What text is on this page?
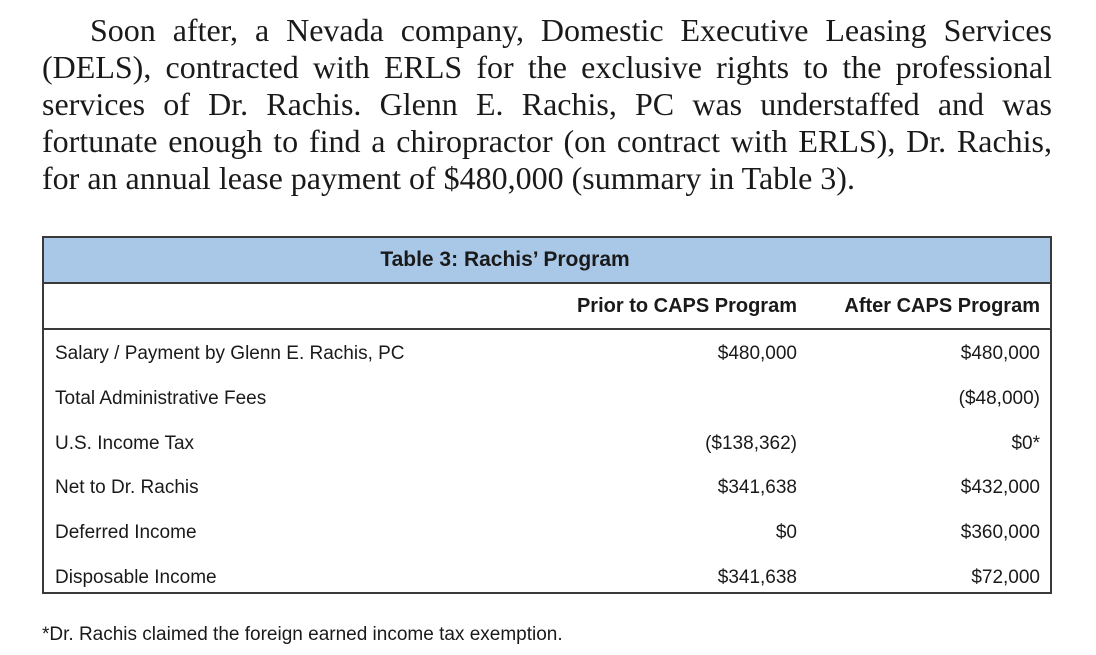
Soon after, a Nevada company, Domestic Executive Leasing Services (DELS), contracted with ERLS for the exclusive rights to the professional services of Dr. Rachis. Glenn E. Rachis, PC was understaffed and was fortunate enough to find a chiropractor (on contract with ERLS), Dr. Rachis, for an annual lease payment of $480,000 (summary in Table 3).

Table 3: Rachis’ Program
	Prior to CAPS Program	After CAPS Program
Salary / Payment by Glenn E. Rachis, PC	$480,000	$480,000
Total Administrative Fees		($48,000)
U.S. Income Tax	($138,362)	$0*
Net to Dr. Rachis	$341,638	$432,000
Deferred Income	$0	$360,000
Disposable Income	$341,638	$72,000

*Dr. Rachis claimed the foreign earned income tax exemption.
